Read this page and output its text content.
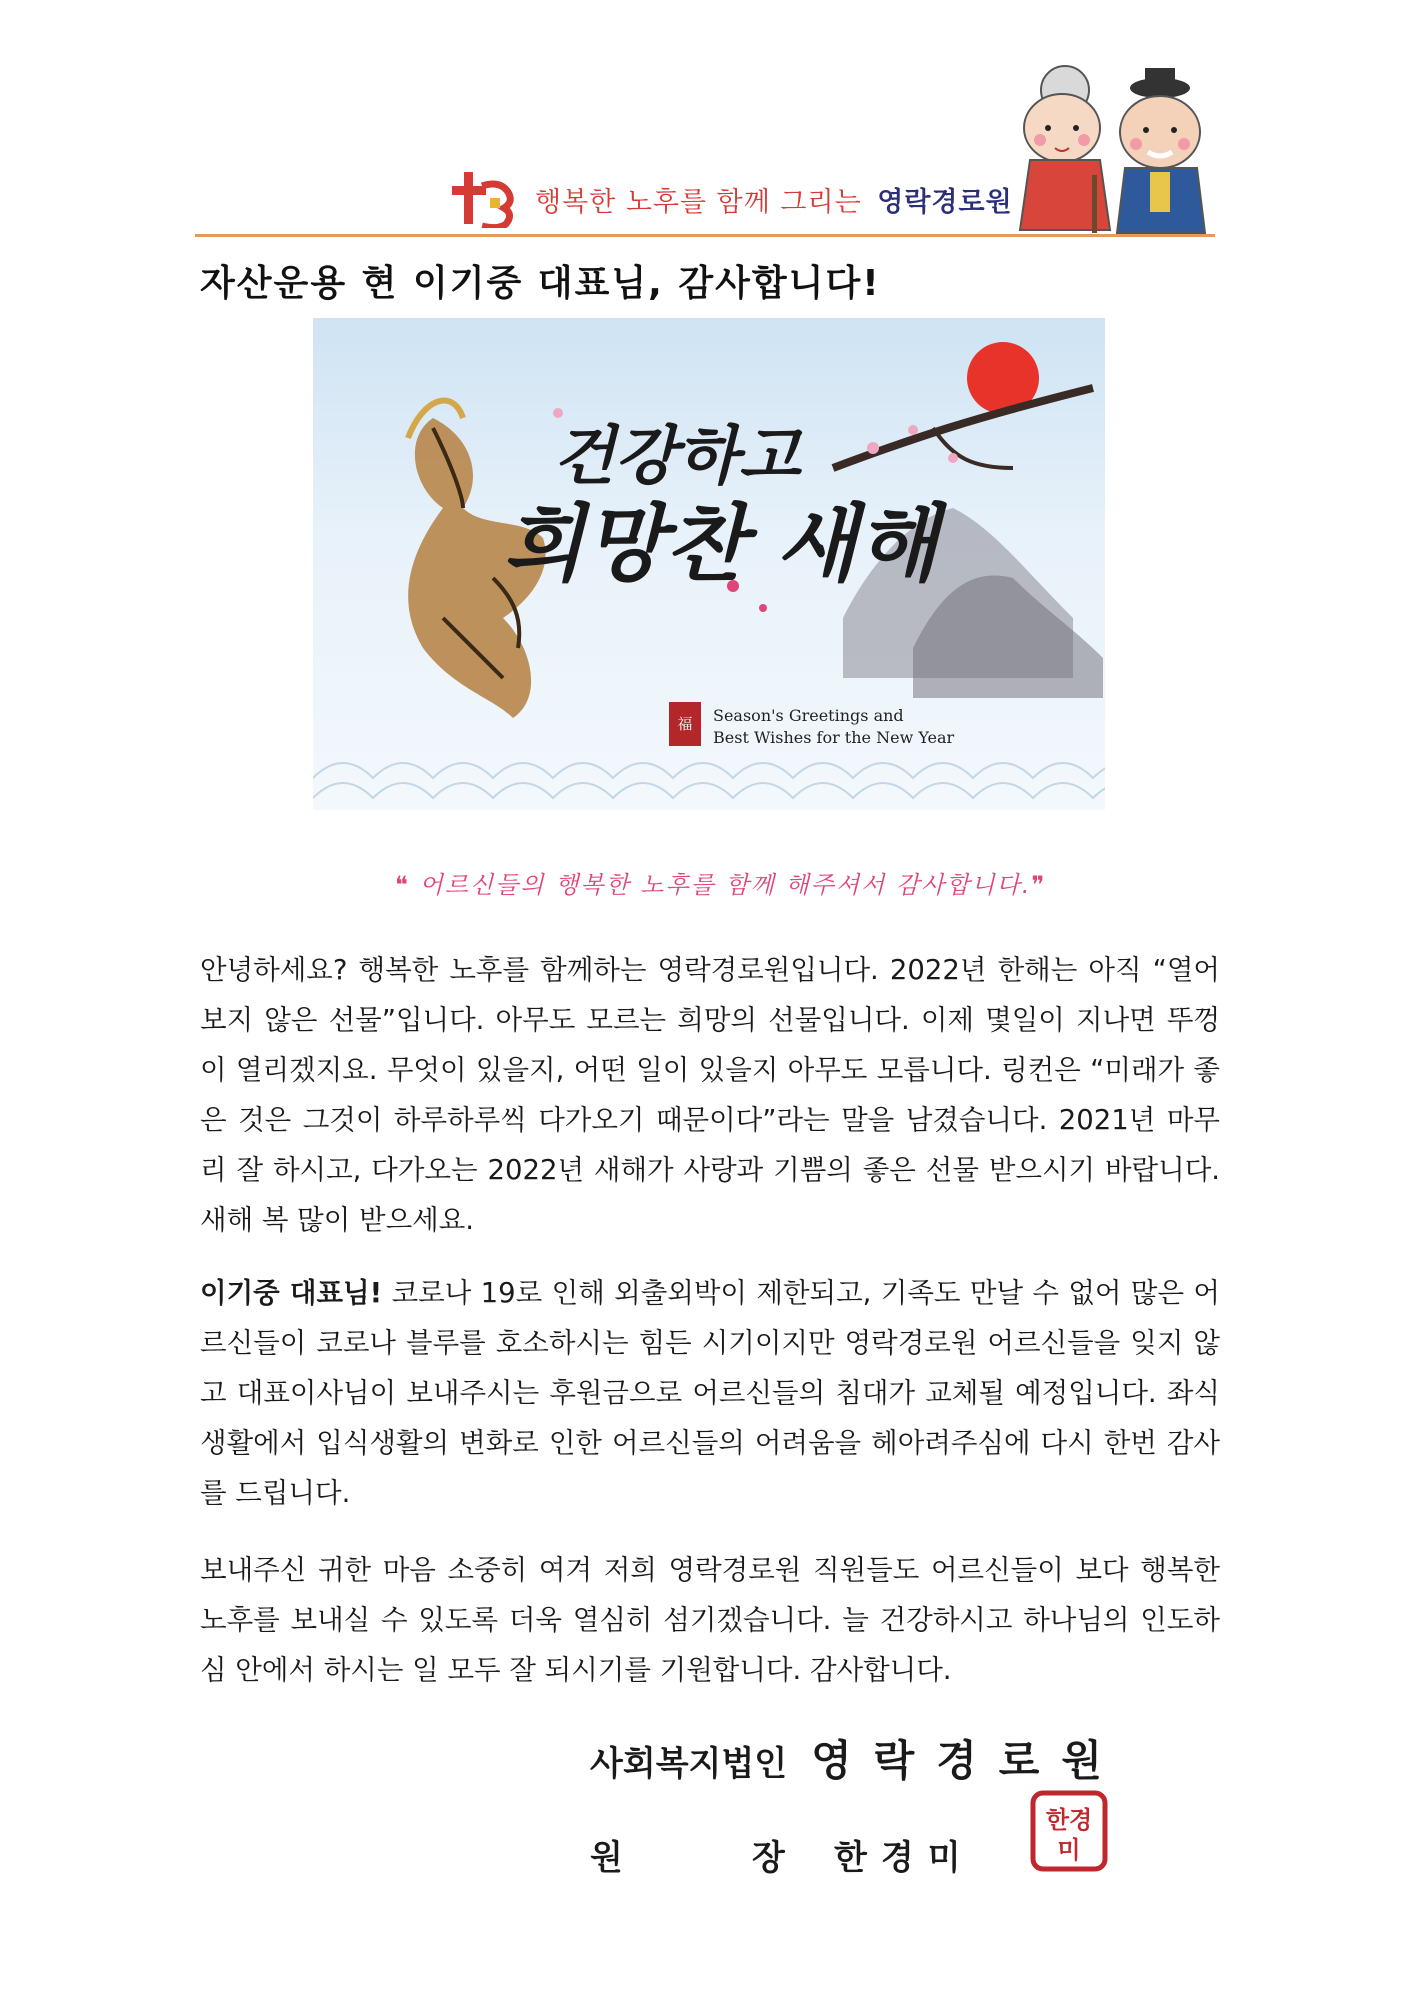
행복한 노후를 함께 그리는 영락경로원
자산운용 현 이기중 대표님, 감사합니다!
건강하고
희망찬 새해
福	Season's Greetings and
Best Wishes for the New Year
❝ 어르신들의 행복한 노후를 함께 해주셔서 감사합니다.❞
안녕하세요? 행복한 노후를 함께하는 영락경로원입니다. 2022년 한해는 아직 “열어보지 않은 선물”입니다. 아무도 모르는 희망의 선물입니다. 이제 몇일이 지나면 뚜껑이 열리겠지요. 무엇이 있을지, 어떤 일이 있을지 아무도 모릅니다. 링컨은 “미래가 좋은 것은 그것이 하루하루씩 다가오기 때문이다”라는 말을 남겼습니다. 2021년 마무리 잘 하시고, 다가오는 2022년 새해가 사랑과 기쁨의 좋은 선물 받으시기 바랍니다. 새해 복 많이 받으세요.
이기중 대표님! 코로나 19로 인해 외출외박이 제한되고, 기족도 만날 수 없어 많은 어르신들이 코로나 블루를 호소하시는 힘든 시기이지만 영락경로원 어르신들을 잊지 않고 대표이사님이 보내주시는 후원금으로 어르신들의 침대가 교체될 예정입니다. 좌식생활에서 입식생활의 변화로 인한 어르신들의 어려움을 헤아려주심에 다시 한번 감사를 드립니다.
보내주신 귀한 마음 소중히 여겨 저희 영락경로원 직원들도 어르신들이 보다 행복한 노후를 보내실 수 있도록 더욱 열심히 섬기겠습니다. 늘 건강하시고 하나님의 인도하심 안에서 하시는 일 모두 잘 되시기를 기원합니다. 감사합니다.
사회복지법인 영락경로원
원	장 한경미
한경
미
